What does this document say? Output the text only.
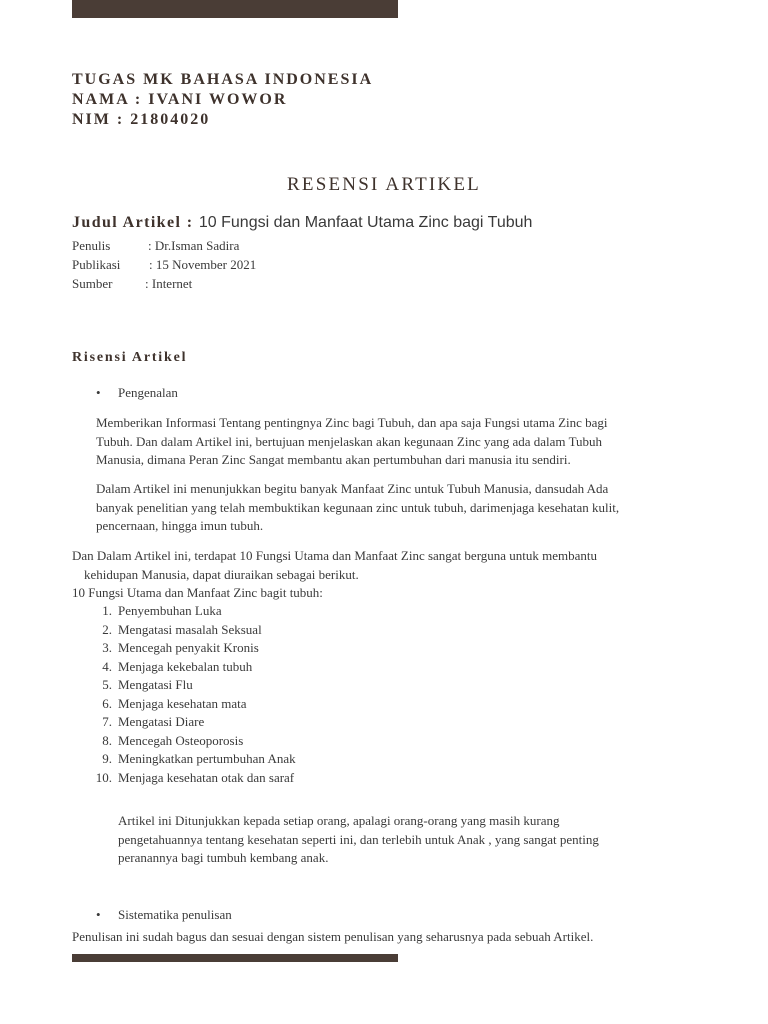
TUGAS MK BAHASA INDONESIA
NAMA : IVANI WOWOR
NIM : 21804020
RESENSI ARTIKEL
Judul Artikel : 10 Fungsi dan Manfaat Utama Zinc bagi Tubuh
Penulis	: Dr.Isman Sadira
Publikasi : 15 November 2021
Sumber	: Internet
Risensi Artikel
• Pengenalan
Memberikan Informasi Tentang pentingnya Zinc bagi Tubuh, dan apa saja Fungsi utama Zinc bagi
Tubuh. Dan dalam Artikel ini, bertujuan menjelaskan akan kegunaan Zinc yang ada dalam Tubuh
Manusia, dimana Peran Zinc Sangat membantu akan pertumbuhan dari manusia itu sendiri.
Dalam Artikel ini menunjukkan begitu banyak Manfaat Zinc untuk Tubuh Manusia, dansudah Ada
banyak penelitian yang telah membuktikan kegunaan zinc untuk tubuh, darimenjaga kesehatan kulit,
pencernaan, hingga imun tubuh.
Dan Dalam Artikel ini, terdapat 10 Fungsi Utama dan Manfaat Zinc sangat berguna untuk membantu
kehidupan Manusia, dapat diuraikan sebagai berikut.
10 Fungsi Utama dan Manfaat Zinc bagit tubuh:
1. Penyembuhan Luka
2. Mengatasi masalah Seksual
3. Mencegah penyakit Kronis
4. Menjaga kekebalan tubuh
5. Mengatasi Flu
6. Menjaga kesehatan mata
7. Mengatasi Diare
8. Mencegah Osteoporosis
9. Meningkatkan pertumbuhan Anak
10. Menjaga kesehatan otak dan saraf
Artikel ini Ditunjukkan kepada setiap orang, apalagi orang-orang yang masih kurang
pengetahuannya tentang kesehatan seperti ini, dan terlebih untuk Anak , yang sangat penting
peranannya bagi tumbuh kembang anak.
• Sistematika penulisan
Penulisan ini sudah bagus dan sesuai dengan sistem penulisan yang seharusnya pada sebuah Artikel.
